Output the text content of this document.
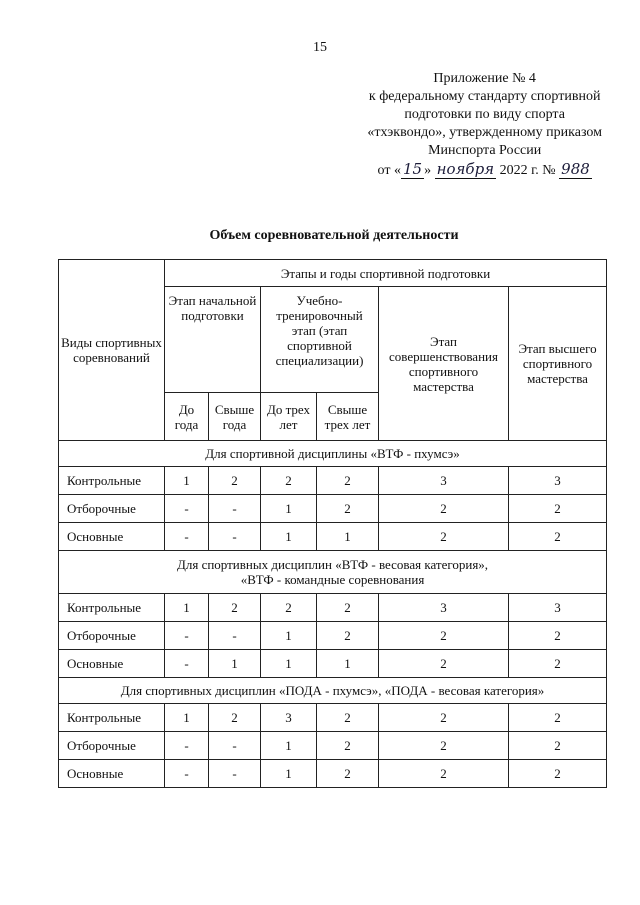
15
Приложение № 4
к федеральному стандарту спортивной
подготовки по виду спорта
«тхэквондо», утвержденному приказом
Минспорта России
от « 15 » ноября 2022 г. № 988
Объем соревновательной деятельности
Виды спортивных соревнований	Этапы и годы спортивной подготовки					
	Этап начальной подготовки		Учебно-тренировочный этап (этап спортивной специализации)		Этап совершенствования спортивного мастерства	Этап высшего спортивного мастерства
	До года	Свыше года	До трех лет	Свыше трех лет		
Для спортивной дисциплины «ВТФ - пхумсэ»						
Контрольные	1	2	2	2	3	3
Отборочные	-	-	1	2	2	2
Основные	-	-	1	1	2	2
Для спортивных дисциплин «ВТФ - весовая категория»,
«ВТФ - командные соревнования						
Контрольные	1	2	2	2	3	3
Отборочные	-	-	1	2	2	2
Основные	-	1	1	1	2	2
Для спортивных дисциплин «ПОДА - пхумсэ», «ПОДА - весовая категория»						
Контрольные	1	2	3	2	2	2
Отборочные	-	-	1	2	2	2
Основные	-	-	1	2	2	2
